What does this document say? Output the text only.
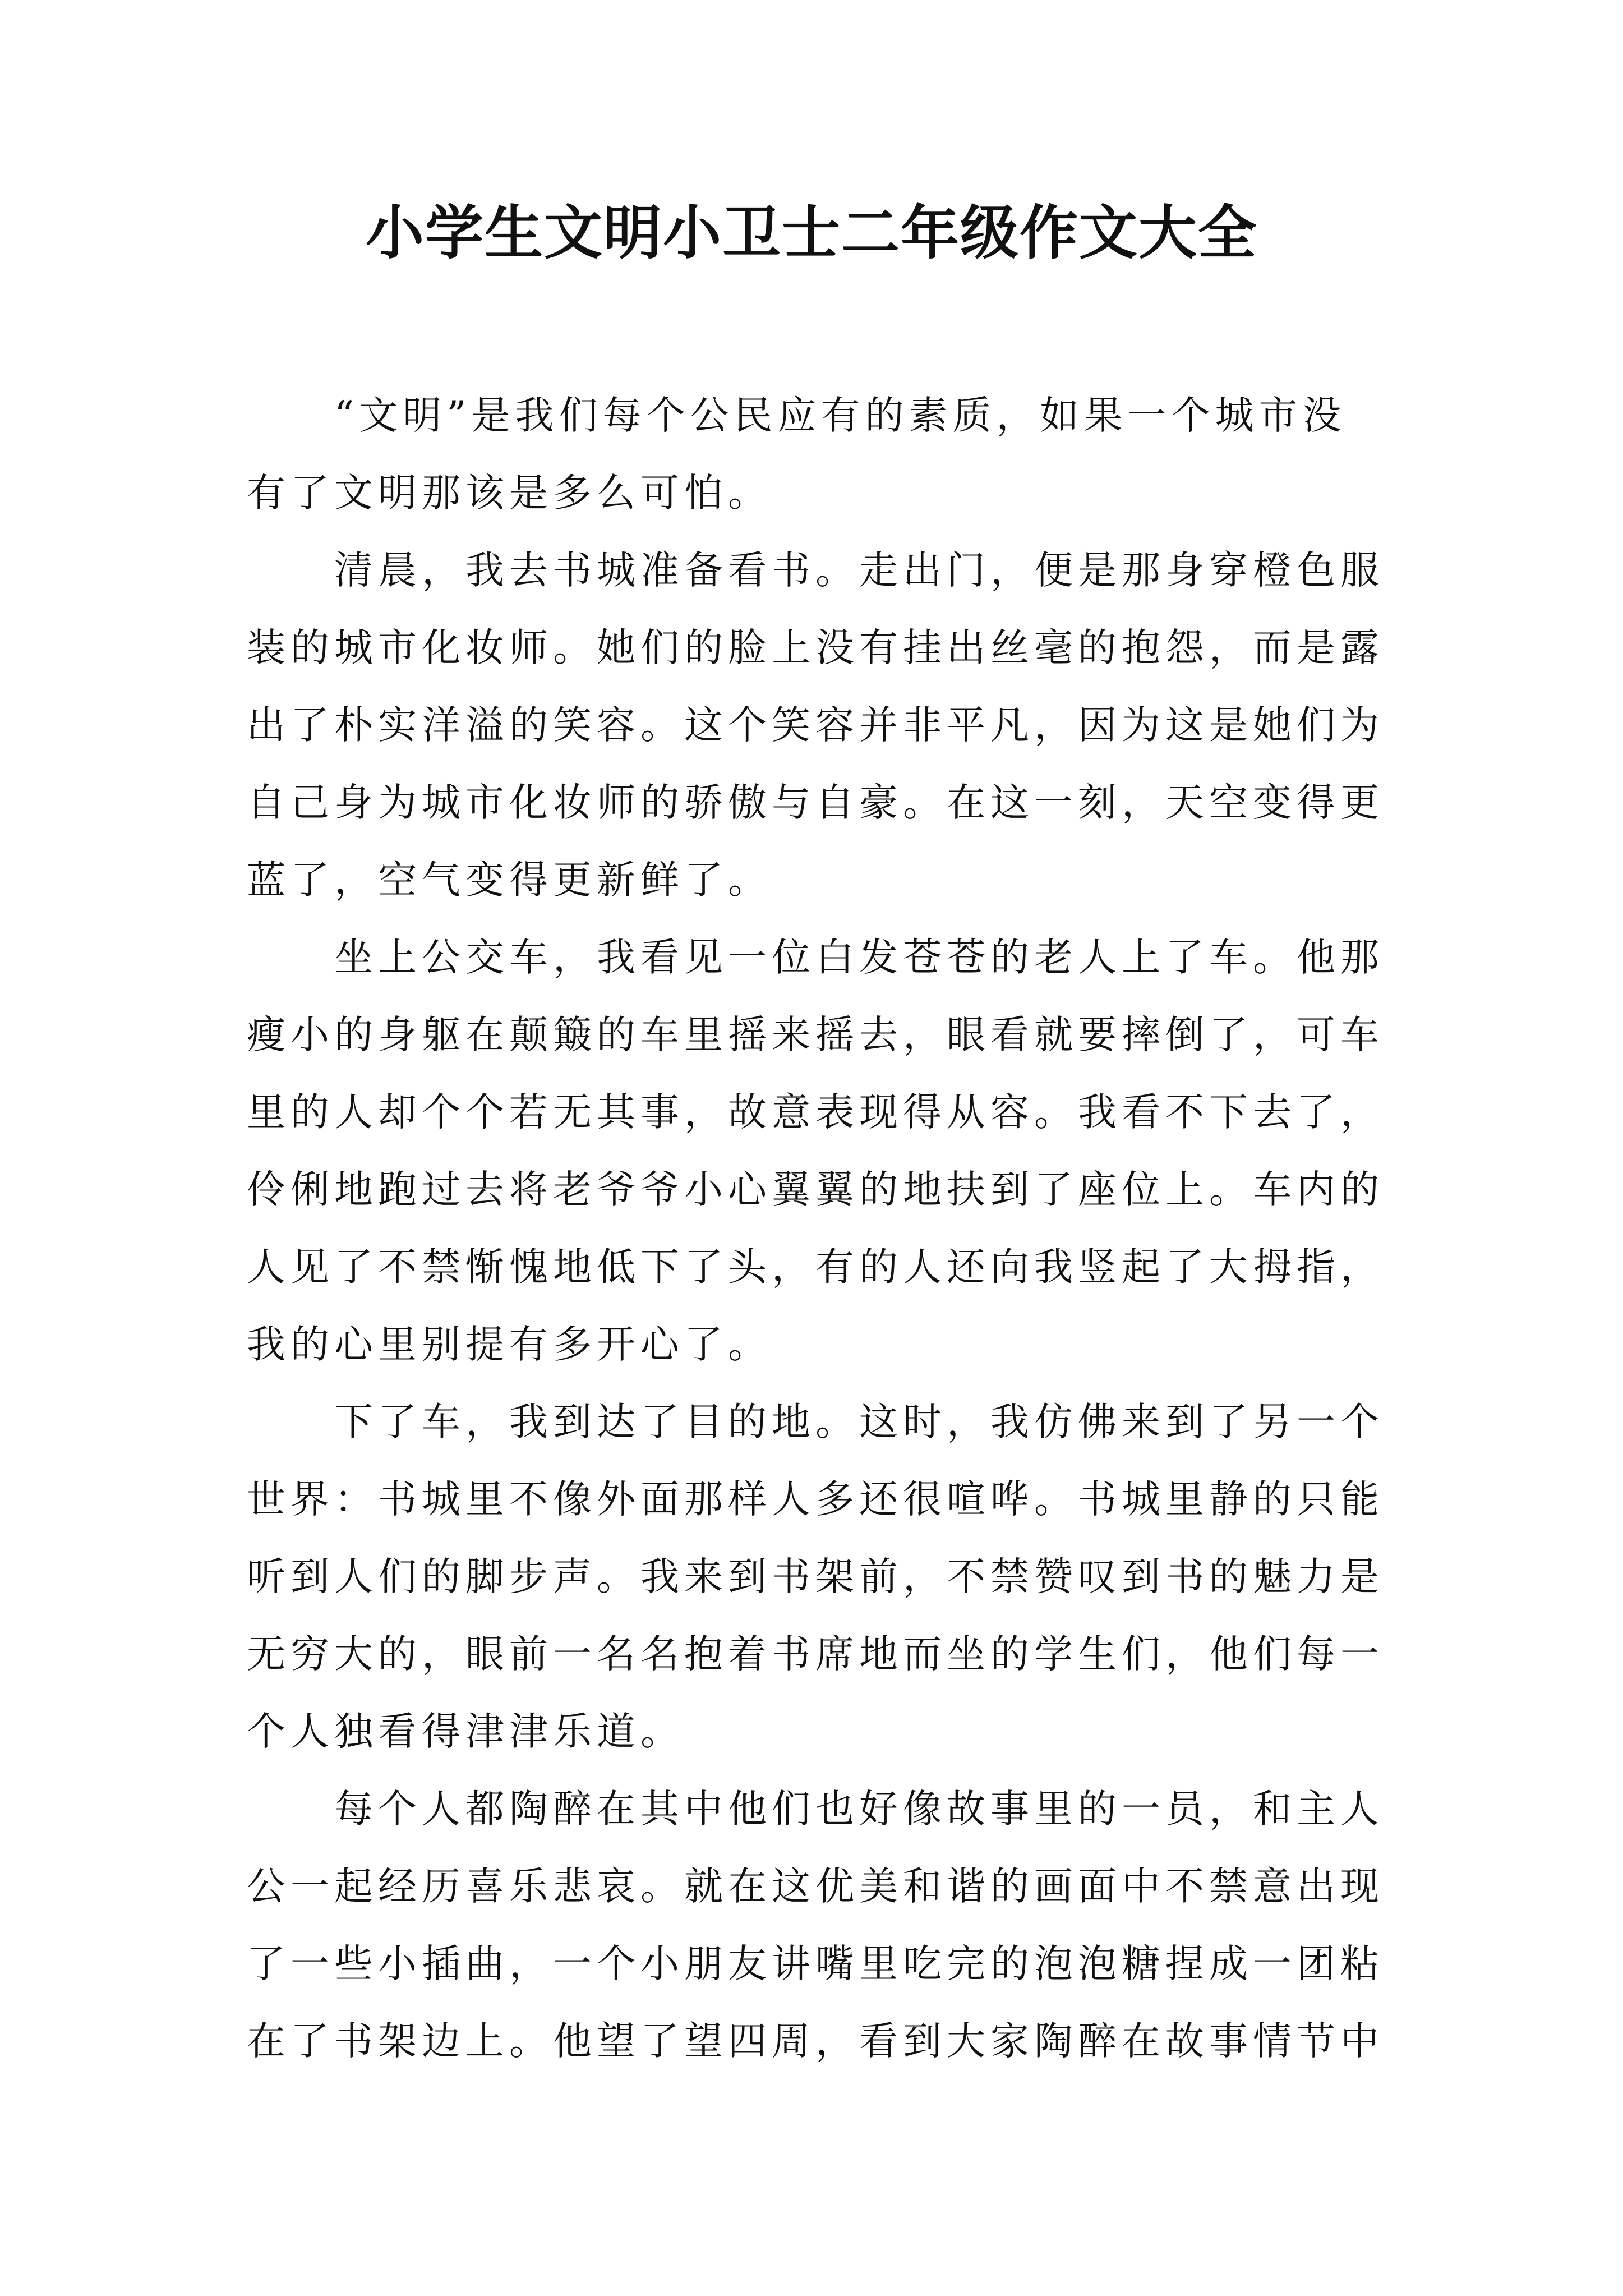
小学生文明小卫士二年级作文大全
“文明”是我们每个公民应有的素质，如果一个城市没
有了文明那该是多么可怕。
清晨，我去书城准备看书。走出门，便是那身穿橙色服
装的城市化妆师。她们的脸上没有挂出丝毫的抱怨，而是露
出了朴实洋溢的笑容。这个笑容并非平凡，因为这是她们为
自己身为城市化妆师的骄傲与自豪。在这一刻，天空变得更
蓝了，空气变得更新鲜了。
坐上公交车，我看见一位白发苍苍的老人上了车。他那
瘦小的身躯在颠簸的车里摇来摇去，眼看就要摔倒了，可车
里的人却个个若无其事，故意表现得从容。我看不下去了，
伶俐地跑过去将老爷爷小心翼翼的地扶到了座位上。车内的
人见了不禁惭愧地低下了头，有的人还向我竖起了大拇指，
我的心里别提有多开心了。
下了车，我到达了目的地。这时，我仿佛来到了另一个
世界：书城里不像外面那样人多还很喧哗。书城里静的只能
听到人们的脚步声。我来到书架前，不禁赞叹到书的魅力是
无穷大的，眼前一名名抱着书席地而坐的学生们，他们每一
个人独看得津津乐道。
每个人都陶醉在其中他们也好像故事里的一员，和主人
公一起经历喜乐悲哀。就在这优美和谐的画面中不禁意出现
了一些小插曲，一个小朋友讲嘴里吃完的泡泡糖捏成一团粘
在了书架边上。他望了望四周，看到大家陶醉在故事情节中
